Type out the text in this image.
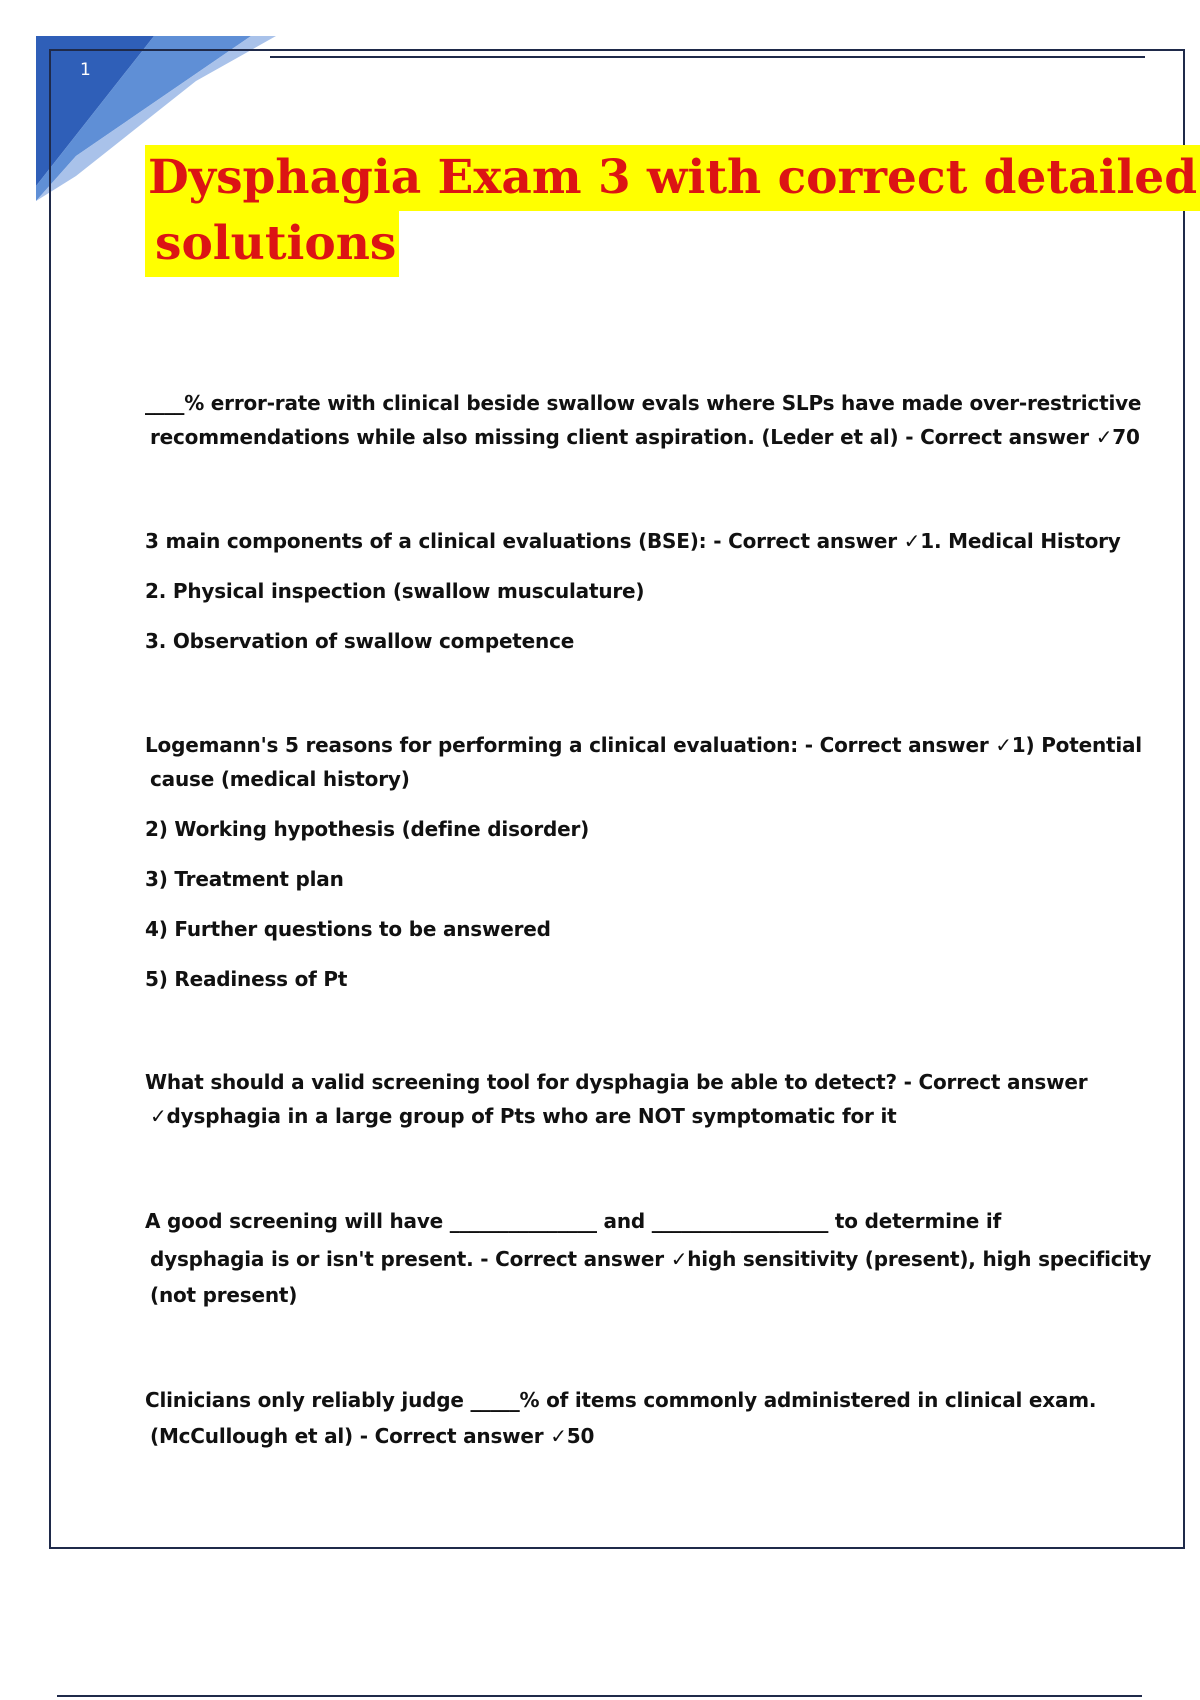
1
Dysphagia Exam 3 with correct detailed
solutions
____% error-rate with clinical beside swallow evals where SLPs have made over-restrictive
recommendations while also missing client aspiration. (Leder et al) - Correct answer ✓70
3 main components of a clinical evaluations (BSE): - Correct answer ✓1. Medical History
2. Physical inspection (swallow musculature)
3. Observation of swallow competence
Logemann's 5 reasons for performing a clinical evaluation: - Correct answer ✓1) Potential
cause (medical history)
2) Working hypothesis (define disorder)
3) Treatment plan
4) Further questions to be answered
5) Readiness of Pt
What should a valid screening tool for dysphagia be able to detect? - Correct answer
✓dysphagia in a large group of Pts who are NOT symptomatic for it
A good screening will have _______________ and __________________ to determine if
dysphagia is or isn't present. - Correct answer ✓high sensitivity (present), high specificity
(not present)
Clinicians only reliably judge _____% of items commonly administered in clinical exam.
(McCullough et al) - Correct answer ✓50
